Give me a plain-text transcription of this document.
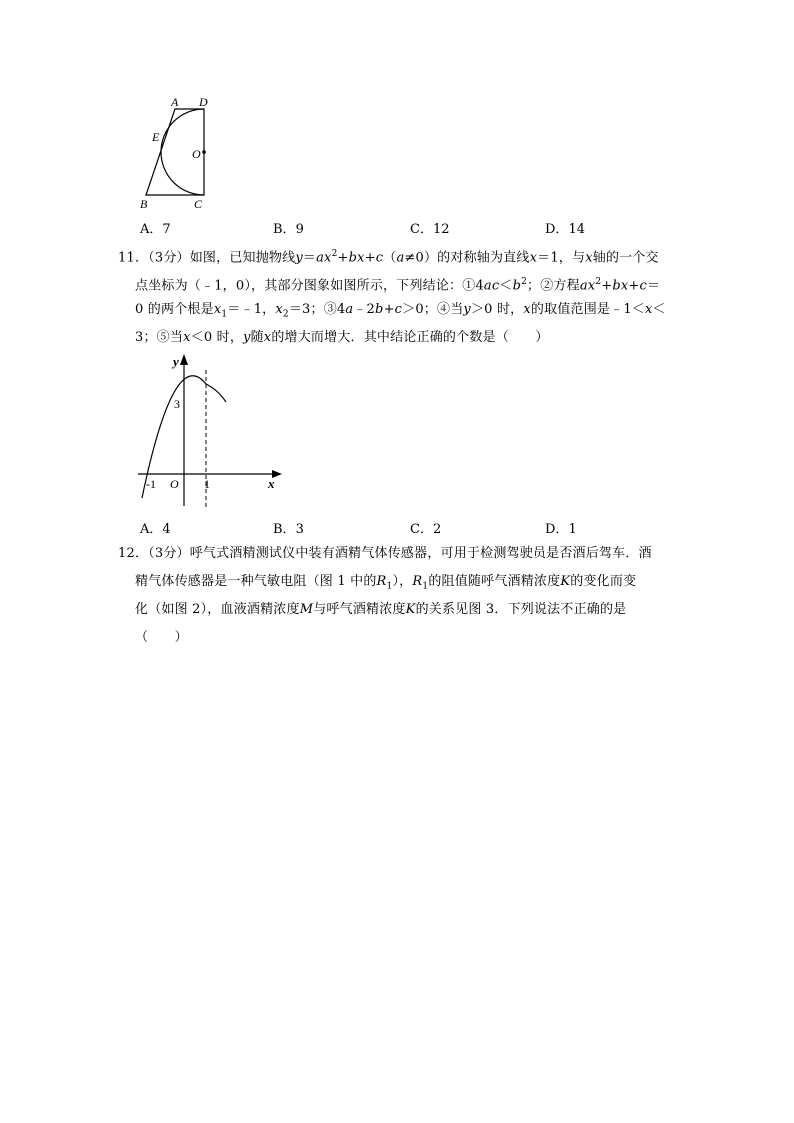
A D
E
O
B	C
A．7	B．9	C．12	D．14
11．（3分）如图，已知抛物线$y=ax^2+bx+c(a\ne 0)$的对称轴为直线x＝1，与x轴的一个交
点坐标为（﹣1，0），其部分图象如图所示，下列结论：$①4ac<b^2$；②方程$ax^2+bx+c=$
0 的两个根是$x_1=﹣1$，$x_2=3$；③4a﹣2b+c＞0；④当y＞0 时，x的取值范围是﹣1＜x＜
3；⑤当x＜0 时，y随x的增大而增大．其中结论正确的个数是（　　）
y
3
-1 O 1	x
A．4	B．3	C．2	D．1
12．（3分）呼气式酒精测试仪中装有酒精气体传感器，可用于检测驾驶员是否酒后驾车．酒
精气体传感器是一种气敏电阻（图 1 中的$R_1$），$R_1$的阻值随呼气酒精浓度K的变化而变
化（如图 2），血液酒精浓度M与呼气酒精浓度K的关系见图 3．下列说法不正确的是
（　　）
